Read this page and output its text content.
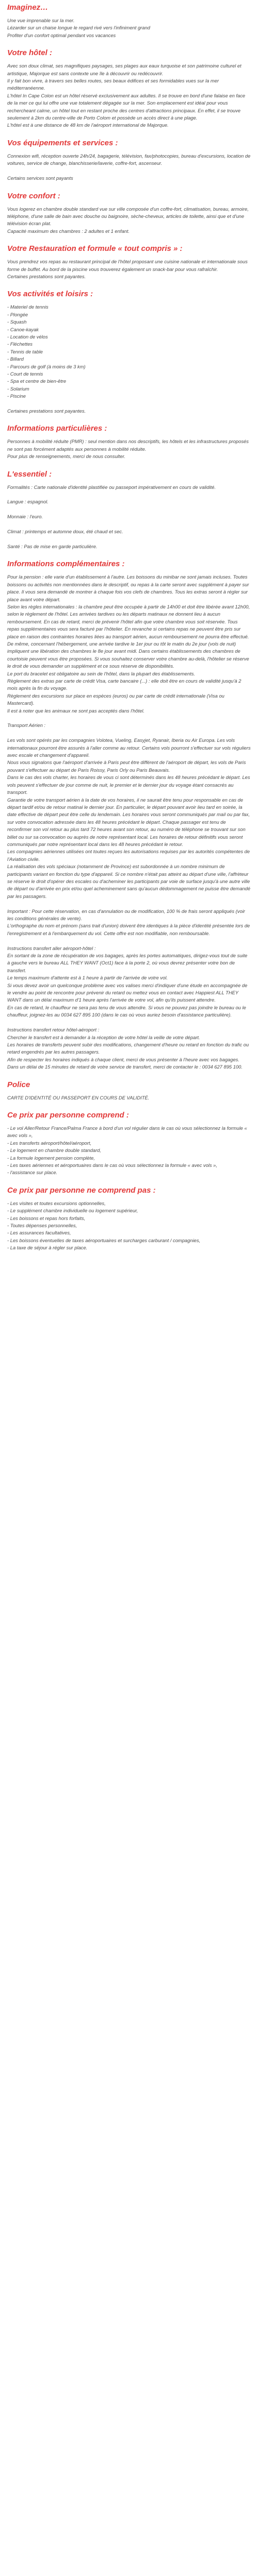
Imaginez…
Une vue imprenable sur la mer.
Lézarder sur un chaise longue le regard rivé vers l'infiniment grand
Profiter d'un confort optimal pendant vos vacances
Votre hôtel :
Avec son doux climat, ses magnifiques paysages, ses plages aux eaux turquoise et son patrimoine culturel et artistique, Majorque est sans contexte une île à découvrir ou redécouvrir.
Il y fait bon vivre, à travers ses belles routes, ses beaux édifices et ses formidables vues sur la mer méditerranéenne.
L'hôtel In Cape Colon est un hôtel réservé exclusivement aux adultes. Il se trouve en bord d'une falaise en face de la mer ce qui lui offre une vue totalement dégagée sur la mer. Son emplacement est idéal pour vous rechercheant calme, un hôtel tout en restant proche des centres d'attractions principaux. En effet, il se trouve seulement à 2km du centre-ville de Porto Colom et possède un accès direct à une plage.
L'hôtel est à une distance de 48 km de l'aéroport international de Majorque.
Vos équipements et services :
Connexion wifi, réception ouverte 24h/24, bagagerie, télévision, fax/photocopies, bureau d'excursions, location de voitures, service de change, blanchisserie/laverie, coffre-fort, ascenseur.

Certains services sont payants
Votre confort :
Vous logerez en chambre double standard vue sur ville composée d'un coffre-fort, climatisation, bureau, armoire, téléphone, d'une salle de bain avec douche ou baignoire, sèche-cheveux, articles de toilette, ainsi que et d'une télévision écran plat.
Capacité maximum des chambres : 2 adultes et 1 enfant.
Votre Restauration et formule « tout compris » :
Vous prendrez vos repas au restaurant principal de l'hôtel proposant une cuisine nationale et internationale sous forme de buffet. Au bord de la piscine vous trouverez également un snack-bar pour vous rafraîchir.
Certaines prestations sont payantes.
Vos activités et loisirs :
- Materiel de tennis
- Plongée
- Squash
- Canoe-kayak
- Location de vélos
- Fléchettes
- Tennis de table
- Billard
- Parcours de golf (à moins de 3 km)
- Court de tennis
- Spa et centre de bien-être
- Solarium
- Piscine

Certaines prestations sont payantes.
Informations particulières :
Personnes à mobilité réduite (PMR) : seul mention dans nos descriptifs, les hôtels et les infrastructures proposés ne sont pas forcément adaptés aux personnes à mobilité réduite.
Pour plus de renseignements, merci de nous consulter.
L'essentiel :
Formalités : Carte nationale d'identité plastifiée ou passeport impérativement en cours de validité.

Langue : espagnol.

Monnaie : l'euro.

Climat : printemps et automne doux, été chaud et sec.

Santé : Pas de mise en garde particulière.
Informations complémentaires :
Pour la pension : elle varie d'un établissement à l'autre. Les boissons du minibar ne sont jamais incluses. Toutes boissons ou activités non mentionnées dans le descriptif, ou repas à la carte seront avec supplément à payer sur place. Il vous sera demandé de montrer à chaque fois vos clefs de chambres. Tous les extras seront à régler sur place avant votre départ.
Selon les règles internationales : la chambre peut être occupée à partir de 14h00 et doit être libérée avant 12h00, selon le règlement de l'hôtel. Les arrivées tardives ou les départs matinaux ne donnent lieu à aucun remboursement. En cas de retard, merci de prévenir l'hôtel afin que votre chambre vous soit réservée. Tous repas supplémentaires vous sera facturé par l'hôtelier. En revanche si certains repas ne peuvent être pris sur place en raison des contraintes horaires liées au transport aérien, aucun remboursement ne pourra être effectué.
De même, concernant l'hébergement, une arrivée tardive le 1er jour ou tôt le matin du 2e jour (vols de nuit) impliquent une libération des chambres le 8e jour avant midi. Dans certains établissements des chambres de courtoisie peuvent vous être proposées. Si vous souhaitez conserver votre chambre au-delà, l'hôtelier se réserve le droit de vous demander un supplément et ce sous réserve de disponibilités.
Le port du bracelet est obligatoire au sein de l'hôtel, dans la plupart des établissements.
Règlement des extras par carte de crédit Visa, carte bancaire (...) : elle doit être en cours de validité jusqu'à 2 mois après la fin du voyage.
Règlement des excursions sur place en espèces (euros) ou par carte de crédit internationale (Visa ou Mastercard).
Il est à noter que les animaux ne sont pas acceptés dans l'hôtel.

Transport Aérien :

Les vols sont opérés par les compagnies Volotea, Vueling, Easyjet, Ryanair, Iberia ou Air Europa. Les vols internationaux pourront être assurés à l'aller comme au retour. Certains vols pourront s'effectuer sur vols réguliers avec escale et changement d'appareil.
Nous vous signalons que l'aéroport d'arrivée à Paris peut être différent de l'aéroport de départ, les vols de Paris pouvant s'effectuer au départ de Paris Roissy, Paris Orly ou Paris Beauvais.
Dans le cas des vols charter, les horaires de vous ci sont déterminés dans les 48 heures précédant le départ. Les vols peuvent s'effectuer de jour comme de nuit, le premier et le dernier jour du voyage étant consacrés au transport.
Garantie de votre transport aérien à la date de vos horaires, il ne saurait être tenu pour responsable en cas de départ tardif et/ou de retour matinal le dernier jour. En particulier, le départ pouvant avoir lieu tard en soirée, la date effective de départ peut être celle du lendemain. Les horaires vous seront communiqués par mail ou par fax, sur votre convocation adressée dans les 48 heures précédant le départ. Chaque passager est tenu de reconfirmer son vol retour au plus tard 72 heures avant son retour, au numéro de téléphone se trouvant sur son billet ou sur sa convocation ou auprès de notre représentant local. Les horaires de retour définitifs vous seront communiqués par notre représentant local dans les 48 heures précédant le retour.
Les compagnies aériennes utilisées ont toutes reçues les autorisations requises par les autorités compétentes de l'Aviation civile.
La réalisation des vols spéciaux (notamment de Province) est subordonnée à un nombre minimum de participants variant en fonction du type d'appareil. Si ce nombre n'était pas atteint au départ d'une ville, l'affrèteur se réserve le droit d'opérer des escales ou d'acheminer les participants par voie de surface jusqu'à une autre ville de départ ou d'arrivée en prix et/ou quel acheminement sans qu'aucun dédommagement ne puisse être demandé par les passagers.

Important : Pour cette réservation, en cas d'annulation ou de modification, 100 % de frais seront appliqués (voir les conditions générales de vente).
L'orthographe du nom et prénom (sans trait d'union) doivent être identiques à la pièce d'identité présentée lors de l'enregistrement et à l'embarquement du vol. Cette offre est non modifiable, non remboursable.

Instructions transfert aller aéroport-hôtel :
En sortant de la zone de récupération de vos bagages, après les portes automatiques, dirigez-vous tout de suite à gauche vers le bureau ALL THEY WANT (Oct1) face à la porte 2, où vous devrez présenter votre bon de transfert.
Le temps maximum d'attente est à 1 heure à partir de l'arrivée de votre vol.
Si vous devez avoir un quelconque problème avec vos valises merci d'indiquer d'une étude en accompagnée de le vendre au point de rencontre pour prévenir du retard ou mettez vous en contact avec Happiest ALL THEY WANT dans un délai maximum d'1 heure après l'arrivée de votre vol, afin qu'ils puissent attendre.
En cas de retard, le chauffeur ne sera pas tenu de vous attendre. Si vous ne pouvez pas joindre le bureau ou le chauffeur, joignez-les au 0034 627 895 100 (dans le cas où vous auriez besoin d'assistance particulière).

Instructions transfert retour hôtel-aéroport :
Chercher le transfert est à demander à la réception de votre hôtel la veille de votre départ.
Les horaires de transferts peuvent subir des modifications, changement d'heure ou retard en fonction du trafic ou retard engendrés par les autres passagers.
Afin de respecter les horaires indiqués à chaque client, merci de vous présenter à l'heure avec vos bagages.
Dans un délai de 15 minutes de retard de votre service de transfert, merci de contacter le : 0034 627 895 100.
Police
CARTE D'IDENTITÉ OU PASSEPORT EN COURS DE VALIDITÉ.
Ce prix par personne comprend :
- Le vol Aller/Retour France/Palma France à bord d'un vol régulier dans le cas où vous sélectionnez la formule « avec vols »,
- Les transferts aéroport/hôtel/aéroport,
- Le logement en chambre double standard,
- La formule logement pension complète,
- Les taxes aériennes et aéroportuaires dans le cas où vous sélectionnez la formule « avec vols »,
- l'assistance sur place.
Ce prix par personne ne comprend pas :
- Les visites et toutes excursions optionnelles,
- Le supplément chambre individuelle ou logement supérieur,
- Les boissons et repas hors forfaits,
- Toutes dépenses personnelles,
- Les assurances facultatives,
- Les boissons éventuelles de taxes aéroportuaires et surcharges carburant / compagnies,
- La taxe de séjour à régler sur place.
